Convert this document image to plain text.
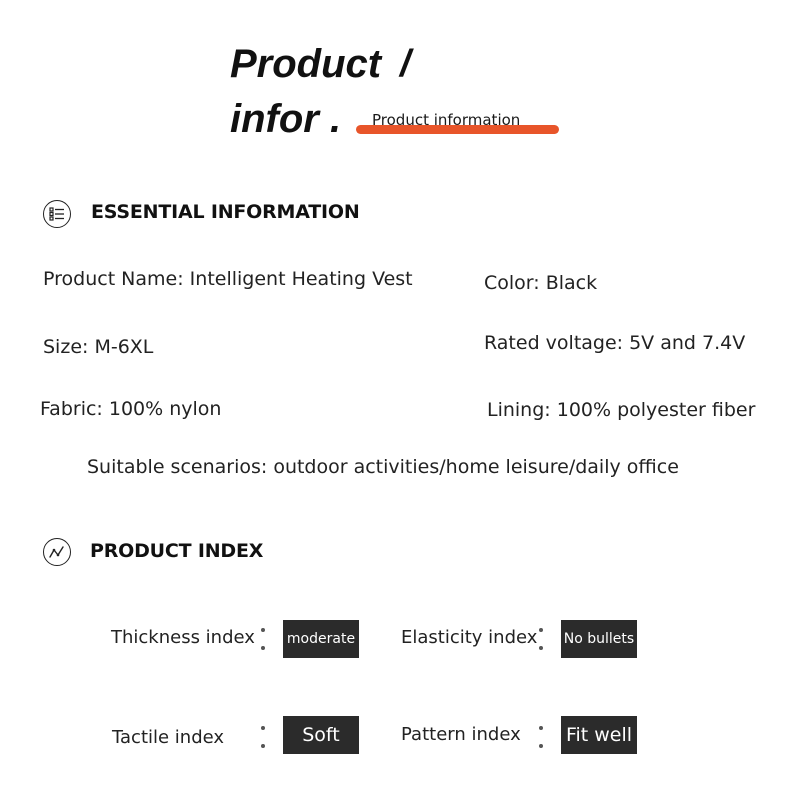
Product /
infor . Product information
ESSENTIAL INFORMATION
Product Name: Intelligent Heating Vest	Color: Black
Size: M-6XL	Rated voltage: 5V and 7.4V
Fabric: 100% nylon	Lining: 100% polyester fiber
Suitable scenarios: outdoor activities/home leisure/daily office
PRODUCT INDEX
Thickness index moderate	Elasticity index No bullets
Tactile index	Soft	Pattern index Fit well
